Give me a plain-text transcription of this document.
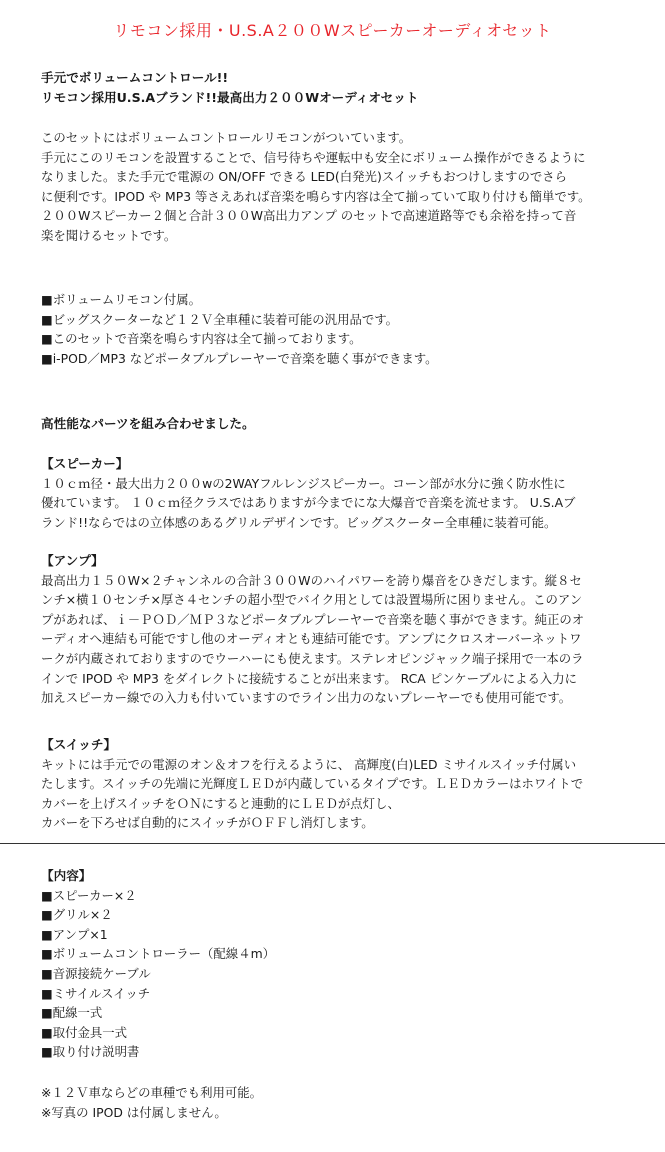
リモコン採用・U.S.A２００Wスピーカーオーディオセット
手元でボリュームコントロール!!
リモコン採用U.S.Aブランド!!最高出力２００Wオーディオセット
このセットにはボリュームコントロールリモコンがついています。
手元にこのリモコンを設置することで、信号待ちや運転中も安全にボリューム操作ができるように
なりました。また手元で電源の ON/OFF できる LED(白発光)スイッチもおつけしますのでさら
に便利です。IPOD や MP3 等さえあれば音楽を鳴らす内容は全て揃っていて取り付けも簡単です。
２００Wスピーカー２個と合計３００W高出力アンプ のセットで高速道路等でも余裕を持って音
楽を聞けるセットです。
■ボリュームリモコン付属。
■ビッグスクーターなど１２Ｖ全車種に装着可能の汎用品です。
■このセットで音楽を鳴らす内容は全て揃っております。
■i-POD／MP3 などポータブルプレーヤーで音楽を聴く事ができます。
高性能なパーツを組み合わせました。
【スピーカー】
１０ｃｍ径・最大出力２００wの2WAYフルレンジスピーカー。コーン部が水分に強く防水性に
優れています。 １０ｃｍ径クラスではありますが今までにな大爆音で音楽を流せます。 U.S.Aブ
ランド!!ならではの立体感のあるグリルデザインです。ビッグスクーター全車種に装着可能。
【アンプ】
最高出力１５０W×２チャンネルの合計３００Wのハイパワーを誇り爆音をひきだします。縦８セ
ンチ×横１０センチ×厚さ４センチの超小型でバイク用としては設置場所に困りません。このアン
プがあれば、ｉ－ＰＯＤ／ＭＰ３などポータブルプレーヤーで音楽を聴く事ができます。純正のオ
ーディオへ連結も可能ですし他のオーディオとも連結可能です。アンプにクロスオーバーネットワ
ークが内蔵されておりますのでウーハーにも使えます。ステレオピンジャック端子採用で一本のラ
インで IPOD や MP3 をダイレクトに接続することが出来ます。 RCA ピンケーブルによる入力に
加えスピーカー線での入力も付いていますのでライン出力のないプレーヤーでも使用可能です。
【スイッチ】
キットには手元での電源のオン＆オフを行えるように、 高輝度(白)LED ミサイルスイッチ付属い
たします。スイッチの先端に光輝度ＬＥＤが内蔵しているタイプです。ＬＥＤカラーはホワイトで
カバーを上げスイッチをＯＮにすると連動的にＬＥＤが点灯し、
カバーを下ろせば自動的にスイッチがＯＦＦし消灯します。
【内容】
■スピーカー×２
■グリル×２
■アンプ×1
■ボリュームコントローラー（配線４m）
■音源接続ケーブル
■ミサイルスイッチ
■配線一式
■取付金具一式
■取り付け説明書
※１２Ｖ車ならどの車種でも利用可能。
※写真の IPOD は付属しません。
